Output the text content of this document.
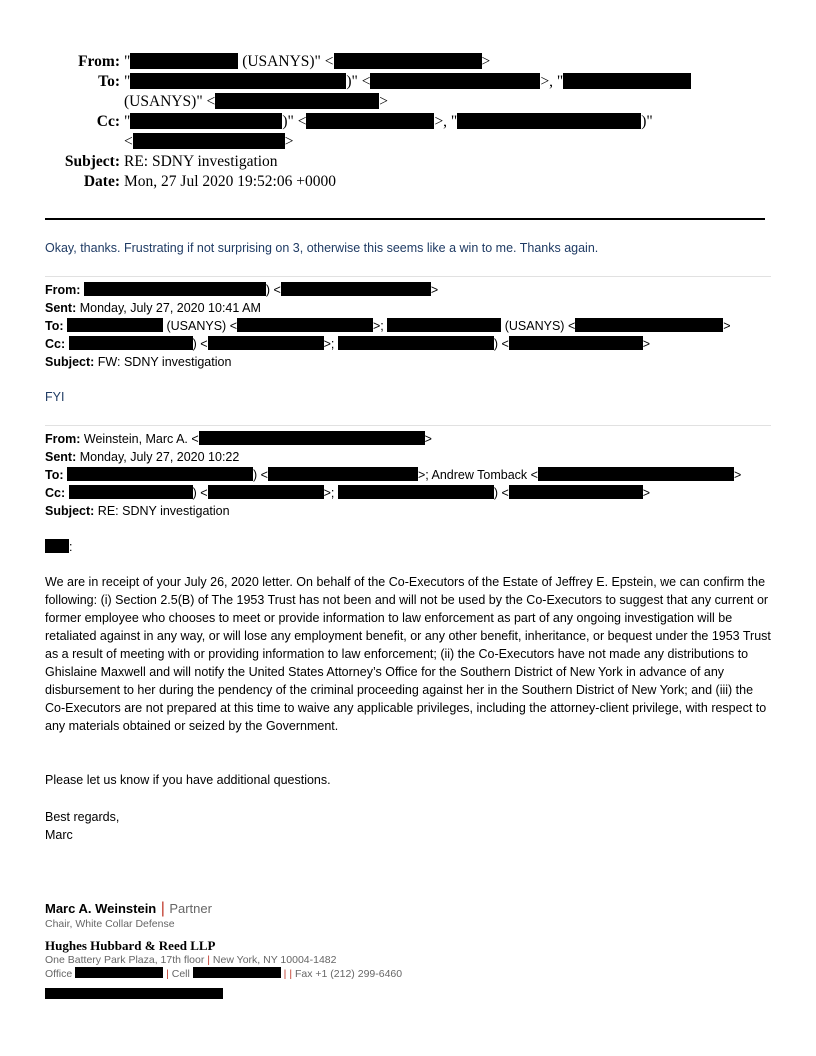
From: "	(USANYS)" <	>
To: "	)" <	>, "
(USANYS)" <	>
Cc: "	)" <	>, "	)"
<	>
Subject: RE: SDNY investigation
Date: Mon, 27 Jul 2020 19:52:06 +0000
Okay, thanks. Frustrating if not surprising on 3, otherwise this seems like a win to me. Thanks again.
From:	) <	>
Sent: Monday, July 27, 2020 10:41 AM
To:	(USANYS) <	>;	(USANYS) <	>
Cc:	) <	>;	) <	>
Subject: FW: SDNY investigation
FYI
From: Weinstein, Marc A. <	>
Sent: Monday, July 27, 2020 10:22
To:	) <	>; Andrew Tomback <	>
Cc:	) <	>;	) <	>
Subject: RE: SDNY investigation
:
We are in receipt of your July 26, 2020 letter. On behalf of the Co-Executors of the Estate of Jeffrey E. Epstein, we can confirm the following: (i) Section 2.5(B) of The 1953 Trust has not been and will not be used by the Co-Executors to suggest that any current or former employee who chooses to meet or provide information to law enforcement as part of any ongoing investigation will be retaliated against in any way, or will lose any employment benefit, or any other benefit, inheritance, or bequest under the 1953 Trust as a result of meeting with or providing information to law enforcement; (ii) the Co-Executors have not made any distributions to Ghislaine Maxwell and will notify the United States Attorney’s Office for the Southern District of New York in advance of any disbursement to her during the pendency of the criminal proceeding against her in the Southern District of New York; and (iii) the Co-Executors are not prepared at this time to waive any applicable privileges, including the attorney-client privilege, with respect to any materials obtained or seized by the Government.
Please let us know if you have additional questions.
Best regards,
Marc
Marc A. Weinstein | Partner
Chair, White Collar Defense
Hughes Hubbard & Reed LLP
One Battery Park Plaza, 17th floor | New York, NY 10004-1482
Office	| Cell	| | Fax +1 (212) 299-6460
